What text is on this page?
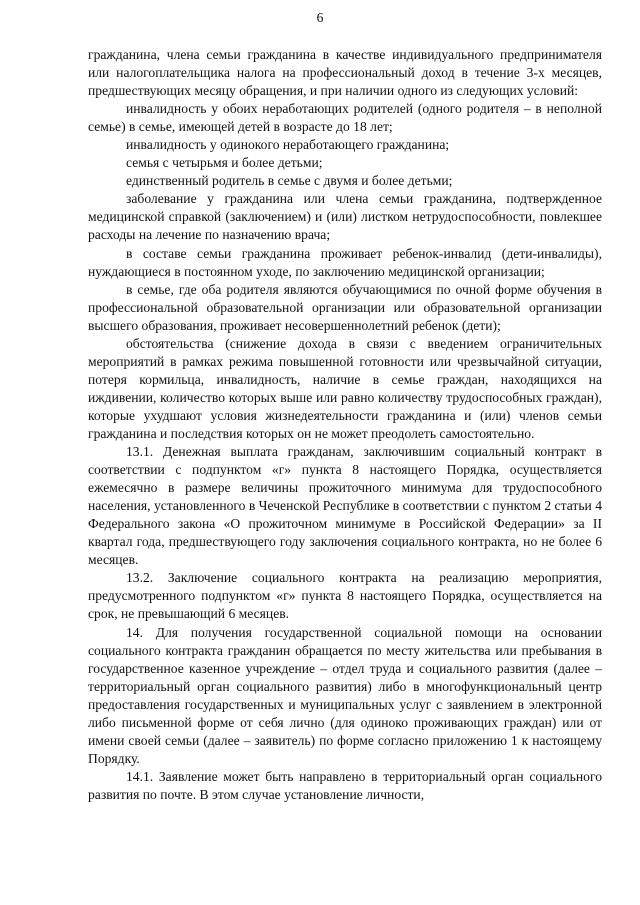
6

гражданина, члена семьи гражданина в качестве индивидуального предпринимателя или налогоплательщика налога на профессиональный доход в течение 3-х месяцев, предшествующих месяцу обращения, и при наличии одного из следующих условий:

инвалидность у обоих неработающих родителей (одного родителя – в неполной семье) в семье, имеющей детей в возрасте до 18 лет;

инвалидность у одинокого неработающего гражданина;

семья с четырьмя и более детьми;

единственный родитель в семье с двумя и более детьми;

заболевание у гражданина или члена семьи гражданина, подтвержденное медицинской справкой (заключением) и (или) листком нетрудоспособности, повлекшее расходы на лечение по назначению врача;

в составе семьи гражданина проживает ребенок-инвалид (дети-инвалиды), нуждающиеся в постоянном уходе, по заключению медицинской организации;

в семье, где оба родителя являются обучающимися по очной форме обучения в профессиональной образовательной организации или образовательной организации высшего образования, проживает несовершеннолетний ребенок (дети);

обстоятельства (снижение дохода в связи с введением ограничительных мероприятий в рамках режима повышенной готовности или чрезвычайной ситуации, потеря кормильца, инвалидность, наличие в семье граждан, находящихся на иждивении, количество которых выше или равно количеству трудоспособных граждан), которые ухудшают условия жизнедеятельности гражданина и (или) членов семьи гражданина и последствия которых он не может преодолеть самостоятельно.

13.1. Денежная выплата гражданам, заключившим социальный контракт в соответствии с подпунктом «г» пункта 8 настоящего Порядка, осуществляется ежемесячно в размере величины прожиточного минимума для трудоспособного населения, установленного в Чеченской Республике в соответствии с пунктом 2 статьи 4 Федерального закона «О прожиточном минимуме в Российской Федерации» за II квартал года, предшествующего году заключения социального контракта, но не более 6 месяцев.

13.2. Заключение социального контракта на реализацию мероприятия, предусмотренного подпунктом «г» пункта 8 настоящего Порядка, осуществляется на срок, не превышающий 6 месяцев.

14. Для получения государственной социальной помощи на основании социального контракта гражданин обращается по месту жительства или пребывания в государственное казенное учреждение – отдел труда и социального развития (далее – территориальный орган социального развития) либо в многофункциональный центр предоставления государственных и муниципальных услуг с заявлением в электронной либо письменной форме от себя лично (для одиноко проживающих граждан) или от имени своей семьи (далее – заявитель) по форме согласно приложению 1 к настоящему Порядку.

14.1. Заявление может быть направлено в территориальный орган социального развития по почте. В этом случае установление личности,
